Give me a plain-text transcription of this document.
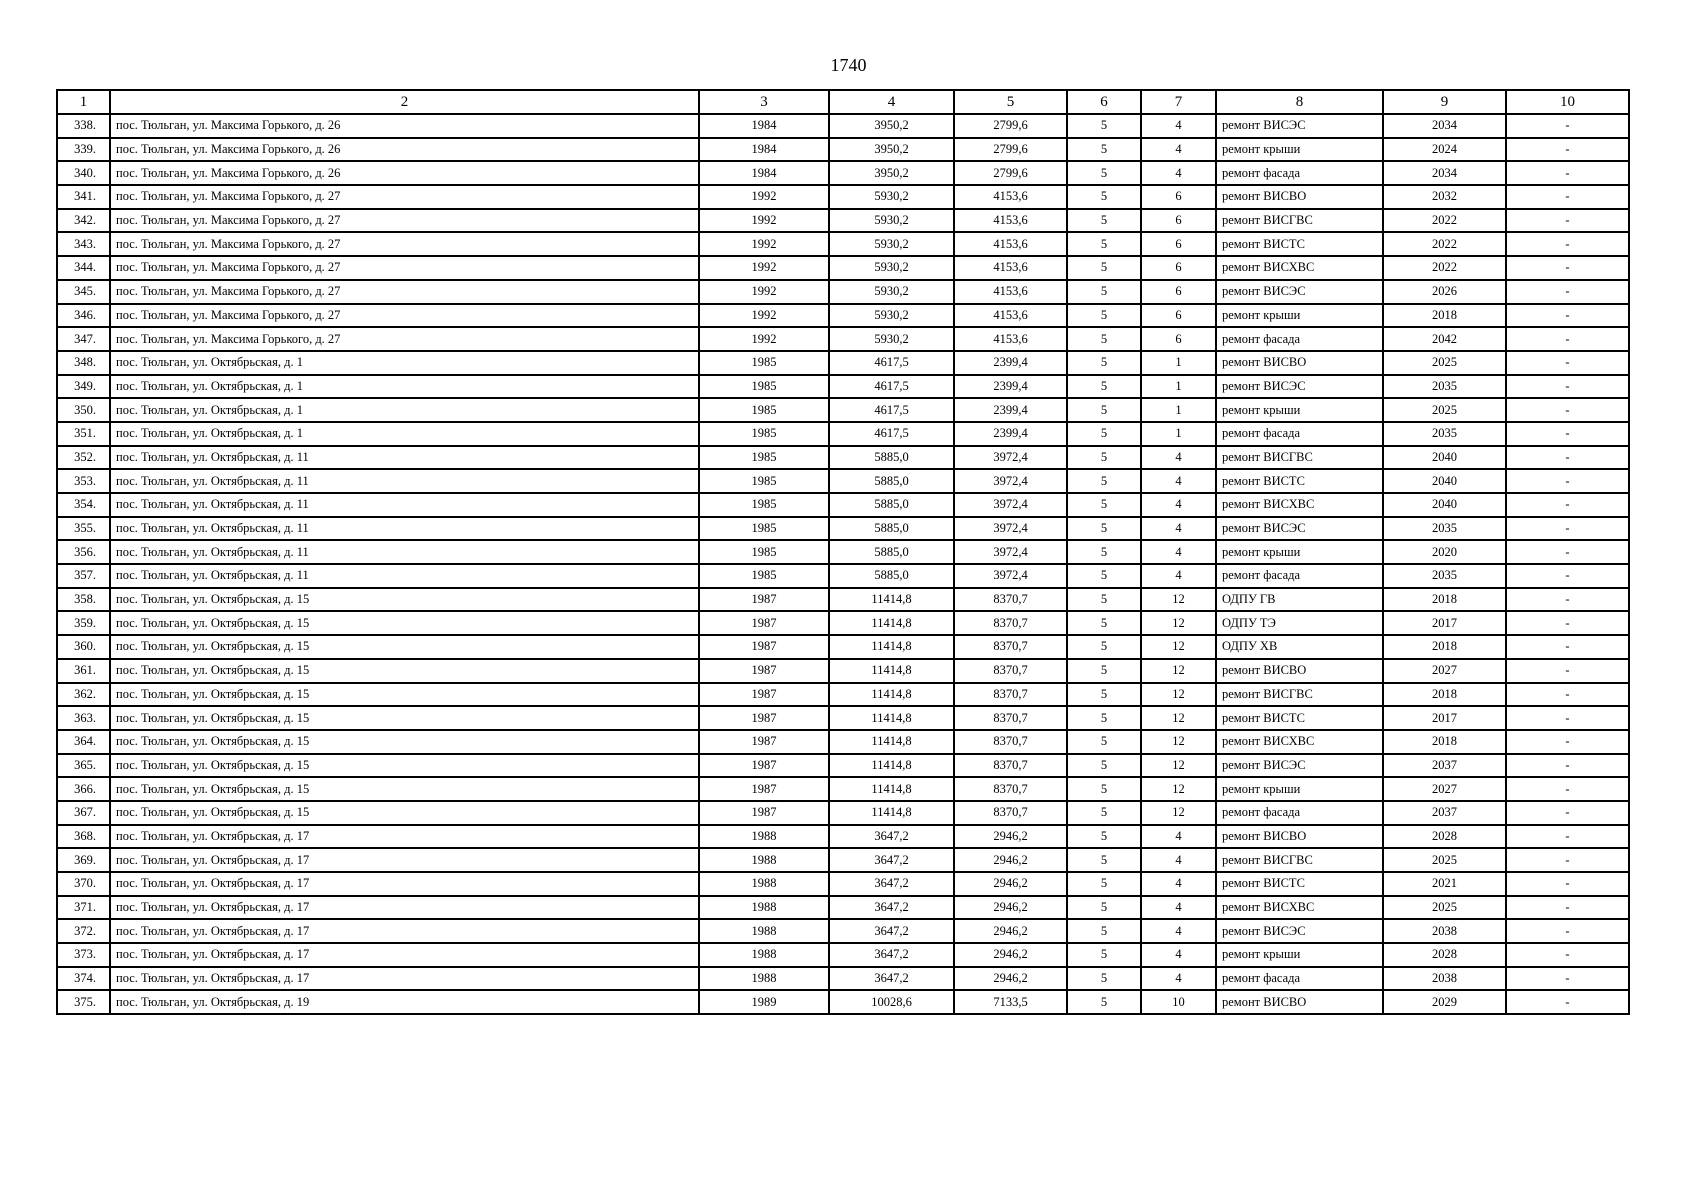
1740
1	2	3	4	5	6	7	8	9	10
338.	пос. Тюльган, ул. Максима Горького, д. 26	1984	3950,2	2799,6	5	4	ремонт ВИСЭС	2034	-
339.	пос. Тюльган, ул. Максима Горького, д. 26	1984	3950,2	2799,6	5	4	ремонт крыши	2024	-
340.	пос. Тюльган, ул. Максима Горького, д. 26	1984	3950,2	2799,6	5	4	ремонт фасада	2034	-
341.	пос. Тюльган, ул. Максима Горького, д. 27	1992	5930,2	4153,6	5	6	ремонт ВИСВО	2032	-
342.	пос. Тюльган, ул. Максима Горького, д. 27	1992	5930,2	4153,6	5	6	ремонт ВИСГВС	2022	-
343.	пос. Тюльган, ул. Максима Горького, д. 27	1992	5930,2	4153,6	5	6	ремонт ВИСТС	2022	-
344.	пос. Тюльган, ул. Максима Горького, д. 27	1992	5930,2	4153,6	5	6	ремонт ВИСХВС	2022	-
345.	пос. Тюльган, ул. Максима Горького, д. 27	1992	5930,2	4153,6	5	6	ремонт ВИСЭС	2026	-
346.	пос. Тюльган, ул. Максима Горького, д. 27	1992	5930,2	4153,6	5	6	ремонт крыши	2018	-
347.	пос. Тюльган, ул. Максима Горького, д. 27	1992	5930,2	4153,6	5	6	ремонт фасада	2042	-
348.	пос. Тюльган, ул. Октябрьская, д. 1	1985	4617,5	2399,4	5	1	ремонт ВИСВО	2025	-
349.	пос. Тюльган, ул. Октябрьская, д. 1	1985	4617,5	2399,4	5	1	ремонт ВИСЭС	2035	-
350.	пос. Тюльган, ул. Октябрьская, д. 1	1985	4617,5	2399,4	5	1	ремонт крыши	2025	-
351.	пос. Тюльган, ул. Октябрьская, д. 1	1985	4617,5	2399,4	5	1	ремонт фасада	2035	-
352.	пос. Тюльган, ул. Октябрьская, д. 11	1985	5885,0	3972,4	5	4	ремонт ВИСГВС	2040	-
353.	пос. Тюльган, ул. Октябрьская, д. 11	1985	5885,0	3972,4	5	4	ремонт ВИСТС	2040	-
354.	пос. Тюльган, ул. Октябрьская, д. 11	1985	5885,0	3972,4	5	4	ремонт ВИСХВС	2040	-
355.	пос. Тюльган, ул. Октябрьская, д. 11	1985	5885,0	3972,4	5	4	ремонт ВИСЭС	2035	-
356.	пос. Тюльган, ул. Октябрьская, д. 11	1985	5885,0	3972,4	5	4	ремонт крыши	2020	-
357.	пос. Тюльган, ул. Октябрьская, д. 11	1985	5885,0	3972,4	5	4	ремонт фасада	2035	-
358.	пос. Тюльган, ул. Октябрьская, д. 15	1987	11414,8	8370,7	5	12	ОДПУ ГВ	2018	-
359.	пос. Тюльган, ул. Октябрьская, д. 15	1987	11414,8	8370,7	5	12	ОДПУ ТЭ	2017	-
360.	пос. Тюльган, ул. Октябрьская, д. 15	1987	11414,8	8370,7	5	12	ОДПУ ХВ	2018	-
361.	пос. Тюльган, ул. Октябрьская, д. 15	1987	11414,8	8370,7	5	12	ремонт ВИСВО	2027	-
362.	пос. Тюльган, ул. Октябрьская, д. 15	1987	11414,8	8370,7	5	12	ремонт ВИСГВС	2018	-
363.	пос. Тюльган, ул. Октябрьская, д. 15	1987	11414,8	8370,7	5	12	ремонт ВИСТС	2017	-
364.	пос. Тюльган, ул. Октябрьская, д. 15	1987	11414,8	8370,7	5	12	ремонт ВИСХВС	2018	-
365.	пос. Тюльган, ул. Октябрьская, д. 15	1987	11414,8	8370,7	5	12	ремонт ВИСЭС	2037	-
366.	пос. Тюльган, ул. Октябрьская, д. 15	1987	11414,8	8370,7	5	12	ремонт крыши	2027	-
367.	пос. Тюльган, ул. Октябрьская, д. 15	1987	11414,8	8370,7	5	12	ремонт фасада	2037	-
368.	пос. Тюльган, ул. Октябрьская, д. 17	1988	3647,2	2946,2	5	4	ремонт ВИСВО	2028	-
369.	пос. Тюльган, ул. Октябрьская, д. 17	1988	3647,2	2946,2	5	4	ремонт ВИСГВС	2025	-
370.	пос. Тюльган, ул. Октябрьская, д. 17	1988	3647,2	2946,2	5	4	ремонт ВИСТС	2021	-
371.	пос. Тюльган, ул. Октябрьская, д. 17	1988	3647,2	2946,2	5	4	ремонт ВИСХВС	2025	-
372.	пос. Тюльган, ул. Октябрьская, д. 17	1988	3647,2	2946,2	5	4	ремонт ВИСЭС	2038	-
373.	пос. Тюльган, ул. Октябрьская, д. 17	1988	3647,2	2946,2	5	4	ремонт крыши	2028	-
374.	пос. Тюльган, ул. Октябрьская, д. 17	1988	3647,2	2946,2	5	4	ремонт фасада	2038	-
375.	пос. Тюльган, ул. Октябрьская, д. 19	1989	10028,6	7133,5	5	10	ремонт ВИСВО	2029	-
